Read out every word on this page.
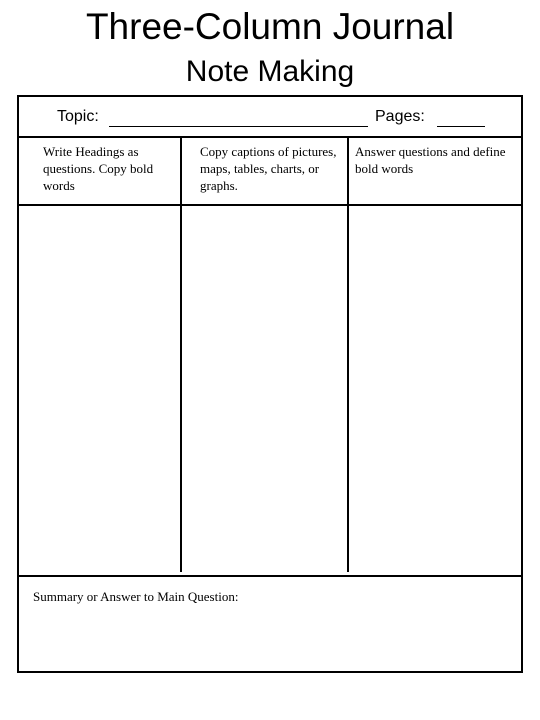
Three-Column Journal
Note Making
Topic:	Pages:
Write Headings as questions. Copy bold words
Copy captions of pictures, maps, tables, charts, or graphs.
Answer questions and define bold words
Summary or Answer to Main Question:
